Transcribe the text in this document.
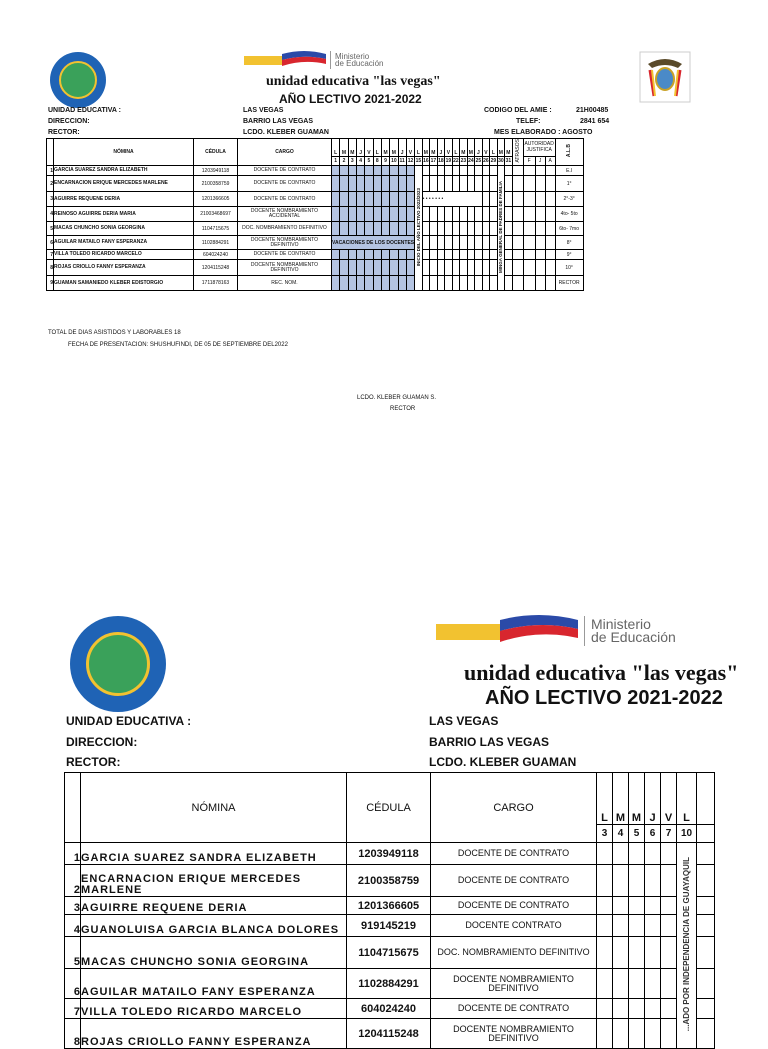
Ministerio
de Educación
unidad educativa "las vegas"
AÑO LECTIVO 2021-2022
UNIDAD EDUCATIVA :	LAS VEGAS
DIRECCION:	BARRIO LAS VEGAS
RECTOR:	LCDO. KLEBER GUAMAN
CODIGO DEL AMIE :	21H00485
TELEF:	2841 654
MES ELABORADO : AGOSTO
	NÓMINA	CÉDULA	CARGO	L	M	M	J	V	L	M	M	J	V	L	M	M	J	V	L	M	M	J	V	L	M	M	ATRASOS	AUTORIDAD JUSTIFICA			A.L.B
				1	2	3	4	5	8	9	10	11	12	15	16	17	18	19	22	23	24	25	26	29	30	31		F	J	A	
1	GARCIA SUAREZ SANDRA ELIZABETH	1203949118	DOCENTE DE CONTRATO											INICIO DEL AÑO LECTIVO 2022/2023											MINGA GENERAL DE PADRES DE FAMILIA						E.I
2	ENCARNACION ERIQUE MERCEDES MARLENE	2100358759	DOCENTE DE CONTRATO																												1°
3	AGUIRRE REQUENE DERIA	1201366605	DOCENTE DE CONTRATO												• • • • • • •																2°-3°
4	REINOSO AGUIRRE DERIA MARIA	21003468697	DOCENTE NOMBRAMIENTO ACCIDENTAL																												4to- 5to
5	MACAS CHUNCHO SONIA GEORGINA	1104715675	DOC. NOMBRAMIENTO DEFINITIVO																												6to- 7mo
6	AGUILAR MATAILO FANY ESPERANZA	1102884291	DOCENTE NOMBRAMIENTO DEFINITIVO	VACACIONES DE LOS DOCENTES																											8°
7	VILLA TOLEDO RICARDO MARCELO	604024240	DOCENTE DE CONTRATO																												9°
8	ROJAS CRIOLLO FANNY ESPERANZA	1204115248	DOCENTE NOMBRAMIENTO DEFINITIVO																												10°
9	GUAMAN SAMANIEDO KLEBER EDISTORGIO	1711878163	REC. NOM.																												RECTOR
TOTAL DE DIAS ASISTIDOS Y LABORABLES 18
FECHA DE PRESENTACION: SHUSHUFINDI, DE 05 DE SEPTIEMBRE DEL2022
LCDO. KLEBER GUAMAN S.
RECTOR
Ministerio
de Educación
unidad educativa "las vegas"
AÑO LECTIVO 2021-2022
UNIDAD EDUCATIVA :	LAS VEGAS
DIRECCION:	BARRIO LAS VEGAS
RECTOR:	LCDO. KLEBER GUAMAN
	NÓMINA	CÉDULA	CARGO	L	M	M	J	V	L	
				3	4	5	6	7	10	
1	GARCIA SUAREZ SANDRA ELIZABETH	1203949118	DOCENTE DE CONTRATO						...ADO POR INDEPENDENCIA DE GUAYAQUIL	
2	ENCARNACION ERIQUE MERCEDES MARLENE	2100358759	DOCENTE DE CONTRATO							
3	AGUIRRE REQUENE DERIA	1201366605	DOCENTE DE CONTRATO							
4	GUANOLUISA GARCIA BLANCA DOLORES	919145219	DOCENTE CONTRATO							
5	MACAS CHUNCHO SONIA GEORGINA	1104715675	DOC. NOMBRAMIENTO DEFINITIVO							
6	AGUILAR MATAILO FANY ESPERANZA	1102884291	DOCENTE NOMBRAMIENTO DEFINITIVO							
7	VILLA TOLEDO RICARDO MARCELO	604024240	DOCENTE DE CONTRATO							
8	ROJAS CRIOLLO FANNY ESPERANZA	1204115248	DOCENTE NOMBRAMIENTO DEFINITIVO							
